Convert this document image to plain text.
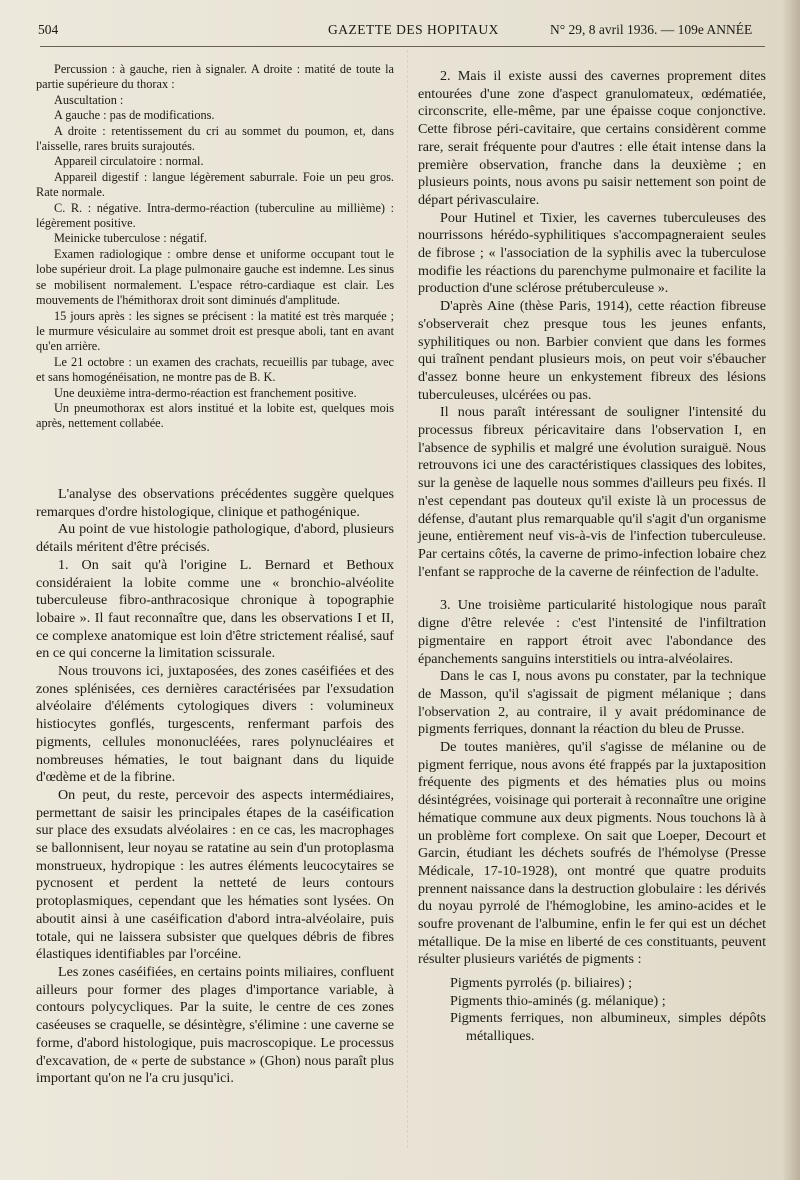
504	GAZETTE DES HOPITAUX	N° 29, 8 avril 1936. — 109e ANNÉE

Percussion : à gauche, rien à signaler. A droite : matité de toute la partie supérieure du thorax :

Auscultation :

A gauche : pas de modifications.

A droite : retentissement du cri au sommet du poumon, et, dans l'aisselle, rares bruits surajoutés.

Appareil circulatoire : normal.

Appareil digestif : langue légèrement saburrale. Foie un peu gros. Rate normale.

C. R. : négative. Intra-dermo-réaction (tuberculine au millième) : légèrement positive.

Meinicke tuberculose : négatif.

Examen radiologique : ombre dense et uniforme occupant tout le lobe supérieur droit. La plage pulmonaire gauche est indemne. Les sinus se mobilisent normalement. L'espace rétro-cardiaque est clair. Les mouvements de l'hémithorax droit sont diminués d'amplitude.

15 jours après : les signes se précisent : la matité est très marquée ; le murmure vésiculaire au sommet droit est presque aboli, tant en avant qu'en arrière.

Le 21 octobre : un examen des crachats, recueillis par tubage, avec et sans homogénéisation, ne montre pas de B. K.

Une deuxième intra-dermo-réaction est franchement positive.

Un pneumothorax est alors institué et la lobite est, quelques mois après, nettement collabée.

L'analyse des observations précédentes suggère quelques remarques d'ordre histologique, clinique et pathogénique.

Au point de vue histologie pathologique, d'abord, plusieurs détails méritent d'être précisés.

1. On sait qu'à l'origine L. Bernard et Bethoux considéraient la lobite comme une « bronchio-alvéolite tuberculeuse fibro-anthracosique chronique à topographie lobaire ». Il faut reconnaître que, dans les observations I et II, ce complexe anatomique est loin d'être strictement réalisé, sauf en ce qui concerne la limitation scissurale.

Nous trouvons ici, juxtaposées, des zones caséifiées et des zones splénisées, ces dernières caractérisées par l'exsudation alvéolaire d'éléments cytologiques divers : volumineux histiocytes gonflés, turgescents, renfermant parfois des pigments, cellules mononucléées, rares polynucléaires et nombreuses hématies, le tout baignant dans du liquide d'œdème et de la fibrine.

On peut, du reste, percevoir des aspects intermédiaires, permettant de saisir les principales étapes de la caséification sur place des exsudats alvéolaires : en ce cas, les macrophages se ballonnisent, leur noyau se ratatine au sein d'un protoplasma monstrueux, hydropique : les autres éléments leucocytaires se pycnosent et perdent la netteté de leurs contours protoplasmiques, cependant que les hématies sont lysées. On aboutit ainsi à une caséification d'abord intra-alvéolaire, puis totale, qui ne laissera subsister que quelques débris de fibres élastiques identifiables par l'orcéine.

Les zones caséifiées, en certains points miliaires, confluent ailleurs pour former des plages d'importance variable, à contours polycycliques. Par la suite, le centre de ces zones caséeuses se craquelle, se désintègre, s'élimine : une caverne se forme, d'abord histologique, puis macroscopique. Le processus d'excavation, de « perte de substance » (Ghon) nous paraît plus important qu'on ne l'a cru jusqu'ici.

2. Mais il existe aussi des cavernes proprement dites entourées d'une zone d'aspect granulomateux, œdématiée, circonscrite, elle-même, par une épaisse coque conjonctive. Cette fibrose péri-cavitaire, que certains considèrent comme rare, serait fréquente pour d'autres : elle était intense dans la première observation, franche dans la deuxième ; en plusieurs points, nous avons pu saisir nettement son point de départ périvasculaire.

Pour Hutinel et Tixier, les cavernes tuberculeuses des nourrissons hérédo-syphilitiques s'accompagneraient seules de fibrose ; « l'association de la syphilis avec la tuberculose modifie les réactions du parenchyme pulmonaire et facilite la production d'une sclérose prétuberculeuse ».

D'après Aine (thèse Paris, 1914), cette réaction fibreuse s'observerait chez presque tous les jeunes enfants, syphilitiques ou non. Barbier convient que dans les formes qui traînent pendant plusieurs mois, on peut voir s'ébaucher d'assez bonne heure un enkystement fibreux des lésions tuberculeuses, ulcérées ou pas.

Il nous paraît intéressant de souligner l'intensité du processus fibreux péricavitaire dans l'observation I, en l'absence de syphilis et malgré une évolution suraiguë. Nous retrouvons ici une des caractéristiques classiques des lobites, sur la genèse de laquelle nous sommes d'ailleurs peu fixés. Il n'est cependant pas douteux qu'il existe là un processus de défense, d'autant plus remarquable qu'il s'agit d'un organisme jeune, entièrement neuf vis-à-vis de l'infection tuberculeuse. Par certains côtés, la caverne de primo-infection lobaire chez l'enfant se rapproche de la caverne de réinfection de l'adulte.

3. Une troisième particularité histologique nous paraît digne d'être relevée : c'est l'intensité de l'infiltration pigmentaire en rapport étroit avec l'abondance des épanchements sanguins interstitiels ou intra-alvéolaires.

Dans le cas I, nous avons pu constater, par la technique de Masson, qu'il s'agissait de pigment mélanique ; dans l'observation 2, au contraire, il y avait prédominance de pigments ferriques, donnant la réaction du bleu de Prusse.

De toutes manières, qu'il s'agisse de mélanine ou de pigment ferrique, nous avons été frappés par la juxtaposition fréquente des pigments et des hématies plus ou moins désintégrées, voisinage qui porterait à reconnaître une origine hématique commune aux deux pigments. Nous touchons là à un problème fort complexe. On sait que Loeper, Decourt et Garcin, étudiant les déchets soufrés de l'hémolyse (Presse Médicale, 17-10-1928), ont montré que quatre produits prennent naissance dans la destruction globulaire : les dérivés du noyau pyrrolé de l'hémoglobine, les amino-acides et le soufre provenant de l'albumine, enfin le fer qui est un déchet métallique. De la mise en liberté de ces constituants, peuvent résulter plusieurs variétés de pigments :

Pigments pyrrolés (p. biliaires) ;
Pigments thio-aminés (g. mélanique) ;
Pigments ferriques, non albumineux, simples dépôts métalliques.
